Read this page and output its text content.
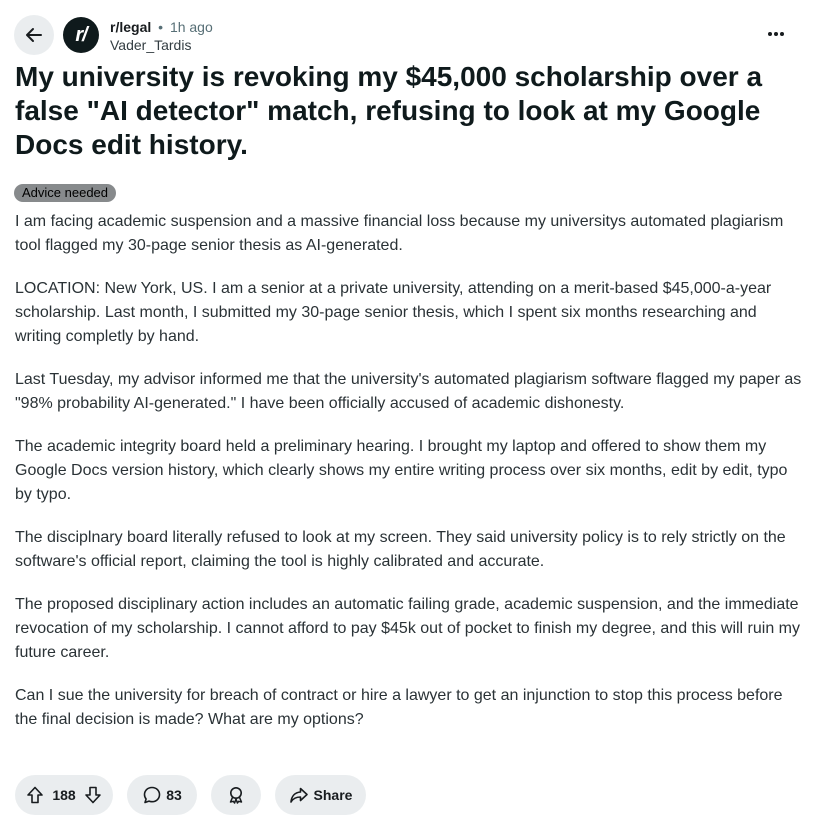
r/ r/legal • 1h ago
Vader_Tardis
My university is revoking my $45,000 scholarship over a false "AI detector" match, refusing to look at my Google Docs edit history.
Advice needed

I am facing academic suspension and a massive financial loss because my universitys automated plagiarism tool flagged my 30-page senior thesis as AI-generated.

LOCATION: New York, US. I am a senior at a private university, attending on a merit-based $45,000-a-year scholarship. Last month, I submitted my 30-page senior thesis, which I spent six months researching and writing completly by hand.

Last Tuesday, my advisor informed me that the university's automated plagiarism software flagged my paper as "98% probability AI-generated." I have been officially accused of academic dishonesty.

The academic integrity board held a preliminary hearing. I brought my laptop and offered to show them my Google Docs version history, which clearly shows my entire writing process over six months, edit by edit, typo by typo.

The disciplnary board literally refused to look at my screen. They said university policy is to rely strictly on the software's official report, claiming the tool is highly calibrated and accurate.

The proposed disciplinary action includes an automatic failing grade, academic suspension, and the immediate revocation of my scholarship. I cannot afford to pay $45k out of pocket to finish my degree, and this will ruin my future career.

Can I sue the university for breach of contract or hire a lawyer to get an injunction to stop this process before the final decision is made? What are my options?

188	83	Share
